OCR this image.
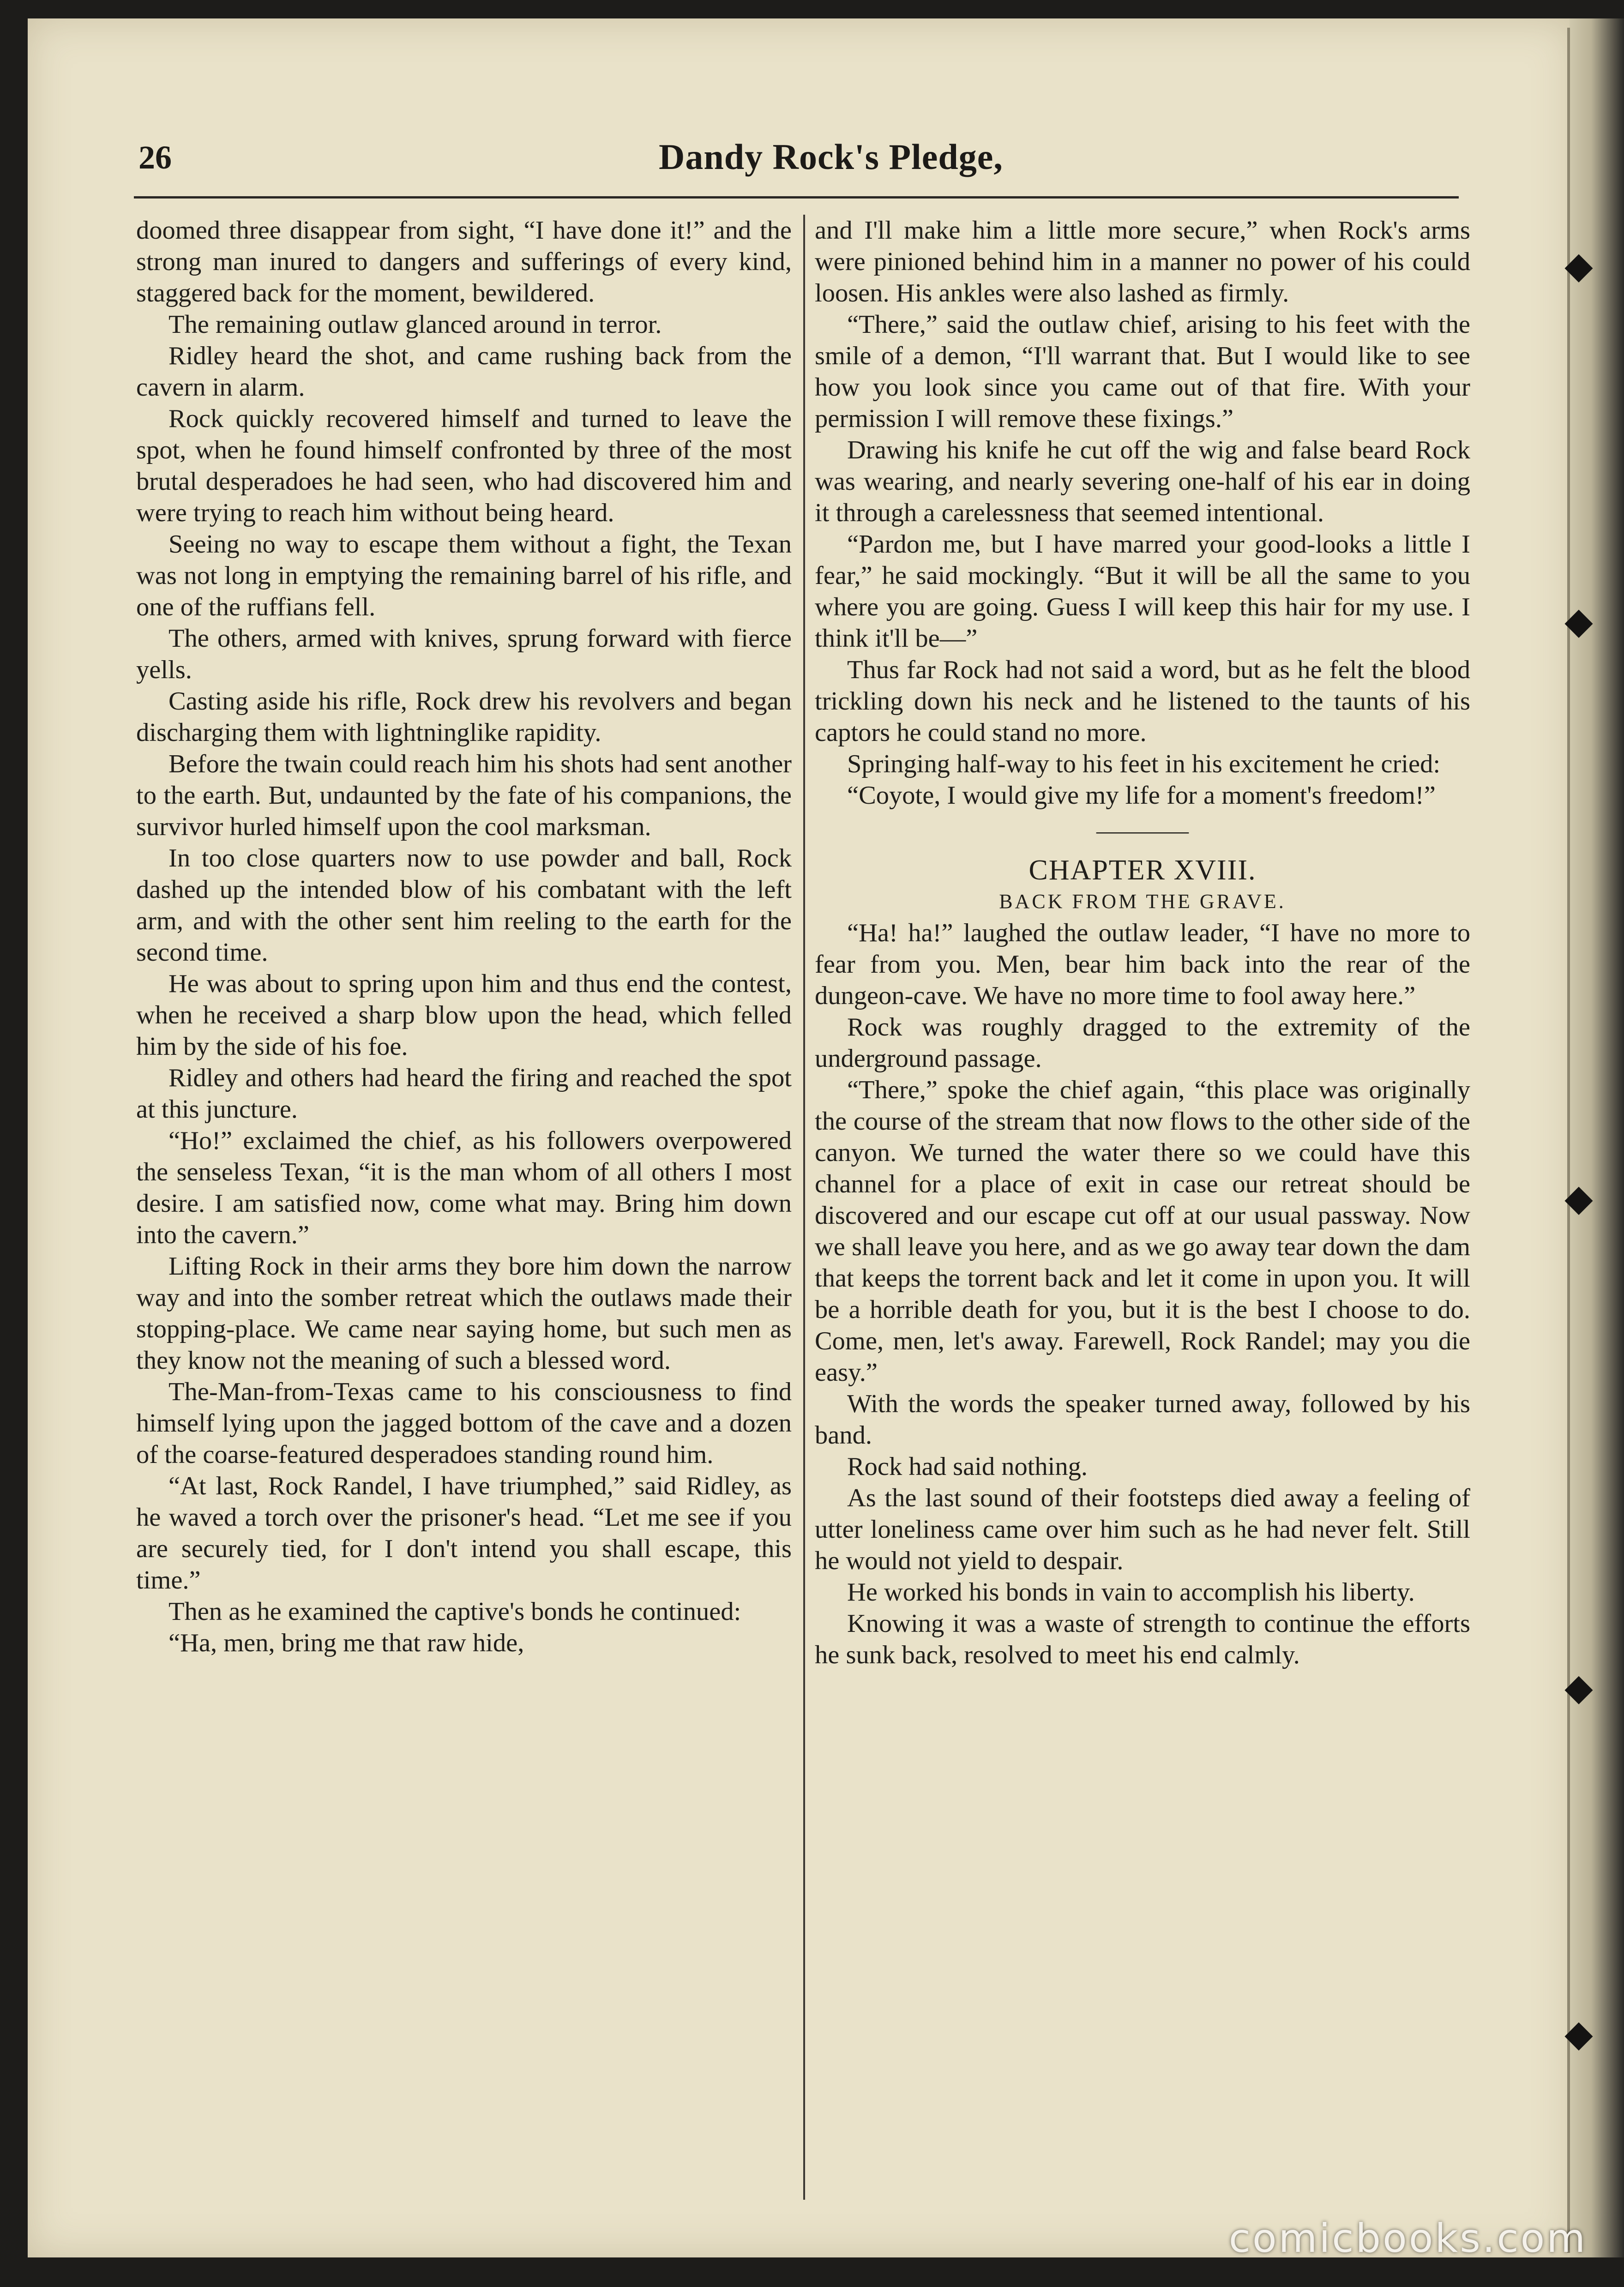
◆
◆
◆
◆
◆
26	Dandy Rock's Pledge,

doomed three disappear from sight, “I have done it!” and the strong man inured to dangers and sufferings of every kind, staggered back for the moment, bewildered.

The remaining outlaw glanced around in terror.

Ridley heard the shot, and came rushing back from the cavern in alarm.

Rock quickly recovered himself and turned to leave the spot, when he found himself confronted by three of the most brutal desperadoes he had seen, who had discovered him and were trying to reach him without being heard.

Seeing no way to escape them without a fight, the Texan was not long in emptying the remaining barrel of his rifle, and one of the ruffians fell.

The others, armed with knives, sprung forward with fierce yells.

Casting aside his rifle, Rock drew his revolvers and began discharging them with lightninglike rapidity.

Before the twain could reach him his shots had sent another to the earth. But, undaunted by the fate of his companions, the survivor hurled himself upon the cool marksman.

In too close quarters now to use powder and ball, Rock dashed up the intended blow of his combatant with the left arm, and with the other sent him reeling to the earth for the second time.

He was about to spring upon him and thus end the contest, when he received a sharp blow upon the head, which felled him by the side of his foe.

Ridley and others had heard the firing and reached the spot at this juncture.

“Ho!” exclaimed the chief, as his followers overpowered the senseless Texan, “it is the man whom of all others I most desire. I am satisfied now, come what may. Bring him down into the cavern.”

Lifting Rock in their arms they bore him down the narrow way and into the somber retreat which the outlaws made their stopping-place. We came near saying home, but such men as they know not the meaning of such a blessed word.

The-Man-from-Texas came to his consciousness to find himself lying upon the jagged bottom of the cave and a dozen of the coarse-featured desperadoes standing round him.

“At last, Rock Randel, I have triumphed,” said Ridley, as he waved a torch over the prisoner's head. “Let me see if you are securely tied, for I don't intend you shall escape, this time.”

Then as he examined the captive's bonds he continued:

“Ha, men, bring me that raw hide,

and I'll make him a little more secure,” when Rock's arms were pinioned behind him in a manner no power of his could loosen. His ankles were also lashed as firmly.

“There,” said the outlaw chief, arising to his feet with the smile of a demon, “I'll warrant that. But I would like to see how you look since you came out of that fire. With your permission I will remove these fixings.”

Drawing his knife he cut off the wig and false beard Rock was wearing, and nearly severing one-half of his ear in doing it through a carelessness that seemed intentional.

“Pardon me, but I have marred your good-looks a little I fear,” he said mockingly. “But it will be all the same to you where you are going. Guess I will keep this hair for my use. I think it'll be—”

Thus far Rock had not said a word, but as he felt the blood trickling down his neck and he listened to the taunts of his captors he could stand no more.

Springing half-way to his feet in his excitement he cried:

“Coyote, I would give my life for a moment's freedom!”

————

CHAPTER XVIII.

BACK FROM THE GRAVE.

“Ha! ha!” laughed the outlaw leader, “I have no more to fear from you. Men, bear him back into the rear of the dungeon-cave. We have no more time to fool away here.”

Rock was roughly dragged to the extremity of the underground passage.

“There,” spoke the chief again, “this place was originally the course of the stream that now flows to the other side of the canyon. We turned the water there so we could have this channel for a place of exit in case our retreat should be discovered and our escape cut off at our usual passway. Now we shall leave you here, and as we go away tear down the dam that keeps the torrent back and let it come in upon you. It will be a horrible death for you, but it is the best I choose to do. Come, men, let's away. Farewell, Rock Randel; may you die easy.”

With the words the speaker turned away, followed by his band.

Rock had said nothing.

As the last sound of their footsteps died away a feeling of utter loneliness came over him such as he had never felt. Still he would not yield to despair.

He worked his bonds in vain to accomplish his liberty.

Knowing it was a waste of strength to continue the efforts he sunk back, resolved to meet his end calmly.

comicbooks.com
